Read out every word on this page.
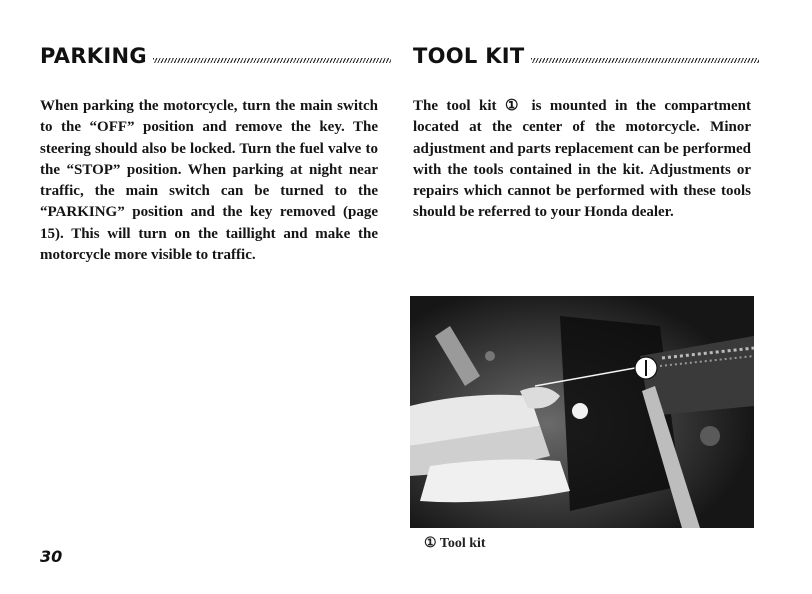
PARKING	TOOL KIT
When parking the motorcycle, turn the main switch to the “OFF” position and remove the key. The steering should also be locked. Turn the fuel valve to the “STOP” position. When parking at night near traffic, the main switch can be turned to the “PARKING” position and the key removed (page 15). This will turn on the taillight and make the motorcycle more visible to traffic.
The tool kit ① is mounted in the compartment located at the center of the motorcycle. Minor adjustment and parts replacement can be performed with the tools contained in the kit. Adjustments or repairs which cannot be performed with these tools should be referred to your Honda dealer.
① Tool kit
30
